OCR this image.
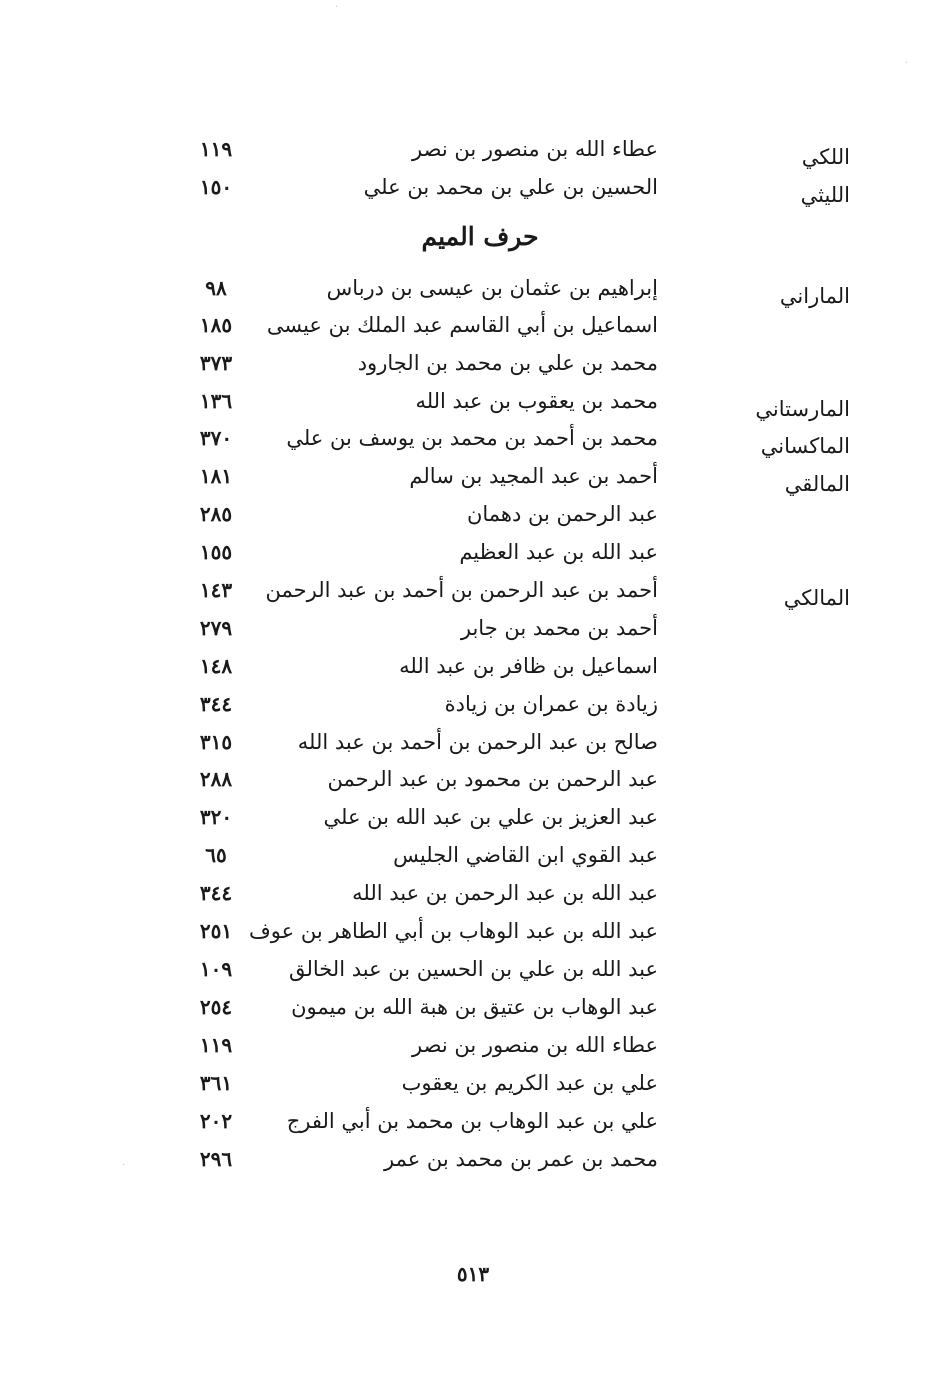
·
·
·
اللكي
عطاء الله بن منصور بن نصر
١١٩
الليثي
الحسين بن علي بن محمد بن علي
١٥٠
حرف الميم
الماراني
إبراهيم بن عثمان بن عيسى بن درباس
٩٨
اسماعيل بن أبي القاسم عبد الملك بن عيسى
١٨٥
محمد بن علي بن محمد بن الجارود
٣٧٣
المارستاني
محمد بن يعقوب بن عبد الله
١٣٦
الماكساني
محمد بن أحمد بن محمد بن يوسف بن علي
٣٧٠
المالقي
أحمد بن عبد المجيد بن سالم
١٨١
عبد الرحمن بن دهمان
٢٨٥
عبد الله بن عبد العظيم
١٥٥
المالكي
أحمد بن عبد الرحمن بن أحمد بن عبد الرحمن
١٤٣
أحمد بن محمد بن جابر
٢٧٩
اسماعيل بن ظافر بن عبد الله
١٤٨
زيادة بن عمران بن زيادة
٣٤٤
صالح بن عبد الرحمن بن أحمد بن عبد الله
٣١٥
عبد الرحمن بن محمود بن عبد الرحمن
٢٨٨
عبد العزيز بن علي بن عبد الله بن علي
٣٢٠
عبد القوي ابن القاضي الجليس
٦٥
عبد الله بن عبد الرحمن بن عبد الله
٣٤٤
عبد الله بن عبد الوهاب بن أبي الطاهر بن عوف
٢٥١
عبد الله بن علي بن الحسين بن عبد الخالق
١٠٩
عبد الوهاب بن عتيق بن هبة الله بن ميمون
٢٥٤
عطاء الله بن منصور بن نصر
١١٩
علي بن عبد الكريم بن يعقوب
٣٦١
علي بن عبد الوهاب بن محمد بن أبي الفرج
٢٠٢
محمد بن عمر بن محمد بن عمر
٢٩٦
٥١٣
